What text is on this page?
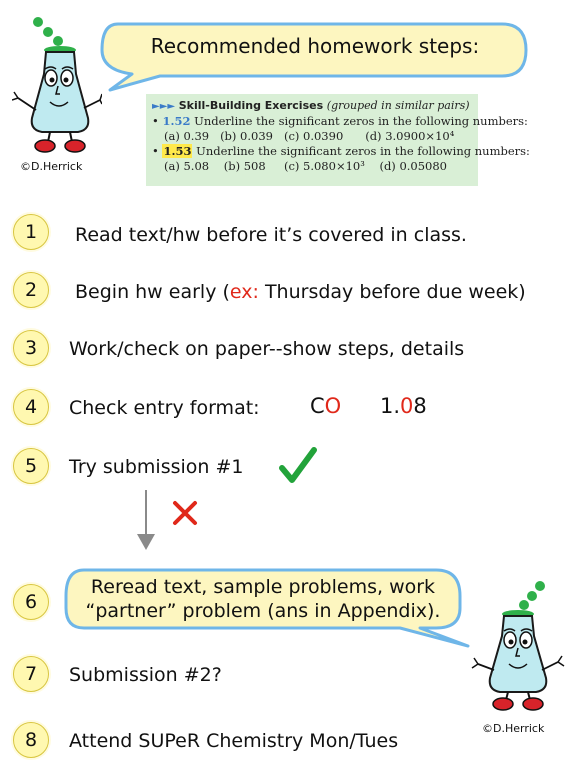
©D.Herrick
Recommended homework steps:
►►► Skill-Building Exercises (grouped in similar pairs)
• 1.52 Underline the significant zeros in the following numbers:
(a) 0.39 (b) 0.039 (c) 0.0390 (d) 3.0900×10⁴
• 1.53 Underline the significant zeros in the following numbers:
(a) 5.08 (b) 508 (c) 5.080×10³ (d) 0.05080
1	Read text/hw before it’s covered in class.
2	Begin hw early (ex: Thursday before due week)
3	Work/check on paper--show steps, details
4	Check entry format: CO 1.08
5	Try submission #1
Reread text, sample problems, work
“partner” problem (ans in Appendix).
6
7	Submission #2?
8	Attend SUPeR Chemistry Mon/Tues
©D.Herrick
